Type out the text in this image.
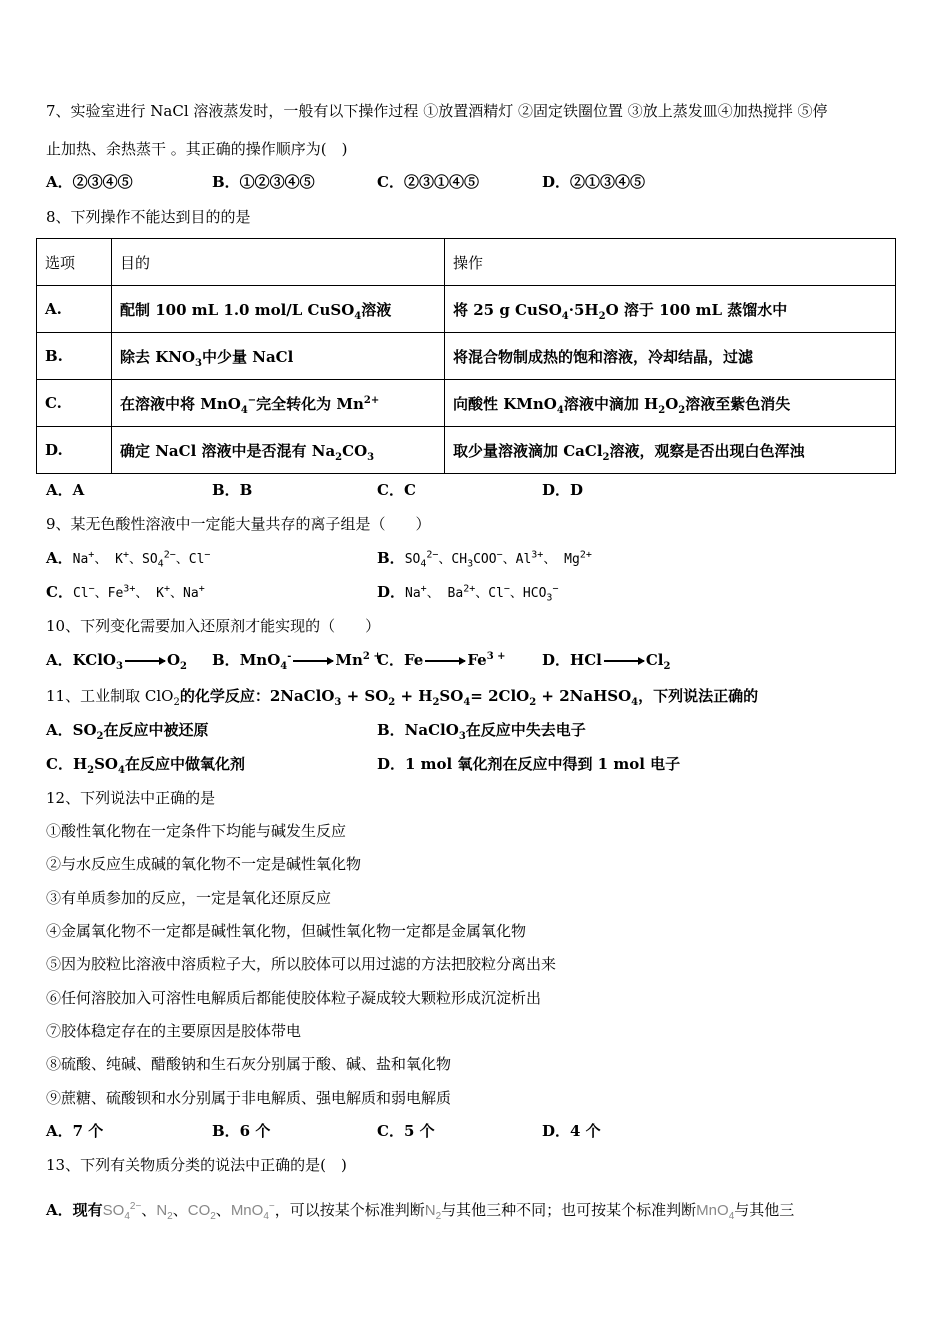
7、实验室进行 NaCl 溶液蒸发时，一般有以下操作过程 ①放置酒精灯 ②固定铁圈位置 ③放上蒸发皿④加热搅拌 ⑤停
止加热、余热蒸干 。其正确的操作顺序为(　)
A．②③④⑤	B．①②③④⑤	C．②③①④⑤	D．②①③④⑤
8、下列操作不能达到目的的是
选项	目的	操作
A.	配制 100 mL 1.0 mol/L CuSO$_4$溶液	将 25 g $CuSO_4\cdot 5H_2O$ 溶于 100 mL 蒸馏水中
B.	除去 $KNO_3$中少量 NaCl	将混合物制成热的饱和溶液，冷却结晶，过滤
C.	在溶液中将 MnO$_4$−完全转化为 $Mn^{2+}$	向酸性 KMnO$_4$溶液中滴加 $H_2O_2$溶液至紫色消失
D.	确定 NaCl 溶液中是否混有 $Na_2CO_3$	取少量溶液滴加 CaCl$_2$溶液，观察是否出现白色浑浊
A．A	B．B	C．C	D．D
9、某无色酸性溶液中一定能大量共存的离子组是（　　）
A．Na+、 K+、$SO_4^{2-}$、Cl−	B．$SO_4^{2-}$、$CH_3COO^-$、$Al^{3+}$、 $Mg^{2+}$
C．Cl−、$Fe^{3+}$、 K+、Na+	D．Na+、 $Ba^{2+}$、Cl−、$HCO_3^-$
10、下列变化需要加入还原剂才能实现的（　　）
A．KClO$_3$ → $O_2$ B．$MnO_4^- \to Mn^{2 +}$
C．$Fe \to Fe^{3 +}$ D．HCl → $Cl_2$
11、工业制取 ClO$_2$的化学反应：2NaClO$_3$ + $SO_2 + H_2SO_4= 2ClO_2$ + 2NaHSO$_4$，下列说法正确的
A．$SO_2$在反应中被还原	B．NaClO$_3$在反应中失去电子
C．$H_2SO_4$在反应中做氧化剂	D．1 mol 氧化剂在反应中得到 1 mol 电子
12、下列说法中正确的是
①酸性氧化物在一定条件下均能与碱发生反应
②与水反应生成碱的氧化物不一定是碱性氧化物
③有单质参加的反应，一定是氧化还原反应
④金属氧化物不一定都是碱性氧化物，但碱性氧化物一定都是金属氧化物
⑤因为胶粒比溶液中溶质粒子大，所以胶体可以用过滤的方法把胶粒分离出来
⑥任何溶胶加入可溶性电解质后都能使胶体粒子凝成较大颗粒形成沉淀析出
⑦胶体稳定存在的主要原因是胶体带电
⑧硫酸、纯碱、醋酸钠和生石灰分别属于酸、碱、盐和氧化物
⑨蔗糖、硫酸钡和水分别属于非电解质、强电解质和弱电解质
A．7 个	B．6 个	C．5 个	D．4 个
13、下列有关物质分类的说法中正确的是(　)
A．现有$SO_4^{2-}$、$N_2$、$CO_2$、MnO$_4$−，可以按某个标准判断$N_2$与其他三种不同；也可按某个标准判断MnO$_4$与其他三
